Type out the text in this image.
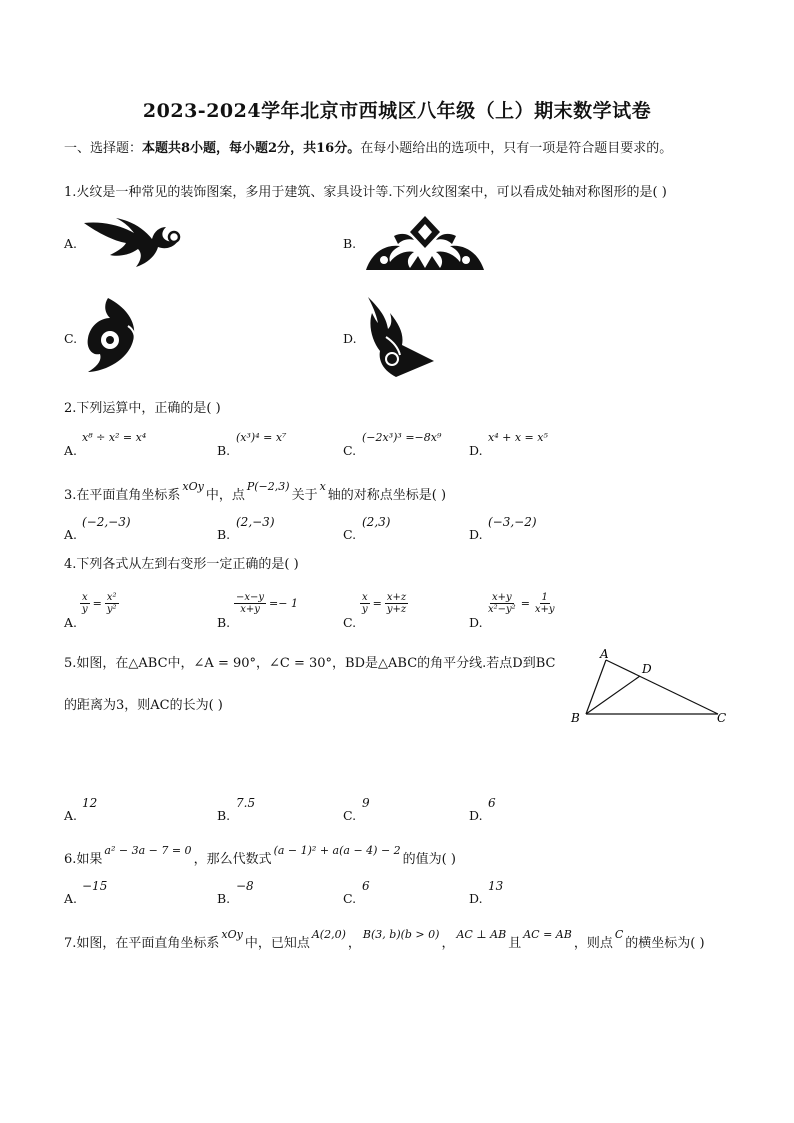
2023-2024学年北京市西城区八年级（上）期末数学试卷
一、选择题：本题共8小题，每小题2分，共16分。在每小题给出的选项中，只有一项是符合题目要求的。
1.火纹是一种常见的装饰图案，多用于建筑、家具设计等.下列火纹图案中，可以看成处轴对称图形的是( )
A.	B.
C.	D.
2.下列运算中，正确的是( )
A.
x⁸ ÷ x² = x⁴
B.
(x³)⁴ = x⁷
C.
(−2x³)³ =−8x⁹
D.
x⁴ + x = x⁵
3.在平面直角坐标系$^{xOy}$中，点$^{P(-2,3)}$关于$^x$轴的对称点坐标是( )
A.
(−2,−3)
B.
(2,−3)
C.
(2,3)
D.
(−3,−2)
4.下列各式从左到右变形一定正确的是( )
A.
$\frac{x}{y} = \frac{\text{x²}}{\text{y²}}$
B.
$\frac{-x-y}{x+y} =- 1$
C.
$\frac{x}{y} = \frac{x+z}{y+z}$
D.
$\frac{x+y}{\text{x²−y²}} = \frac{1}{x+y}$
5.如图，在△ABC中，∠A = 90°，∠C = 30°，BD是△ABC的角平分线.若点D到BC
的距离为3，则AC的长为( )
A
D
B	C
A.
12
B.
7.5
C.
9
D.
6
6.如果$^{a^2 - 3a - 7 = 0}$，那么代数式$^{(a - 1)^2 + a(a - 4) - 2}$的值为( )
A.
−15
B.
−8
C.
6
D.
13
7.如图，在平面直角坐标系$^{xOy}$中，已知点$^{A(2,0)}$，$^{B(3, b)(b > 0)}$，$^{AC \perp AB}$且$^{AC = AB}$，则点$^C$的横坐标为( )
